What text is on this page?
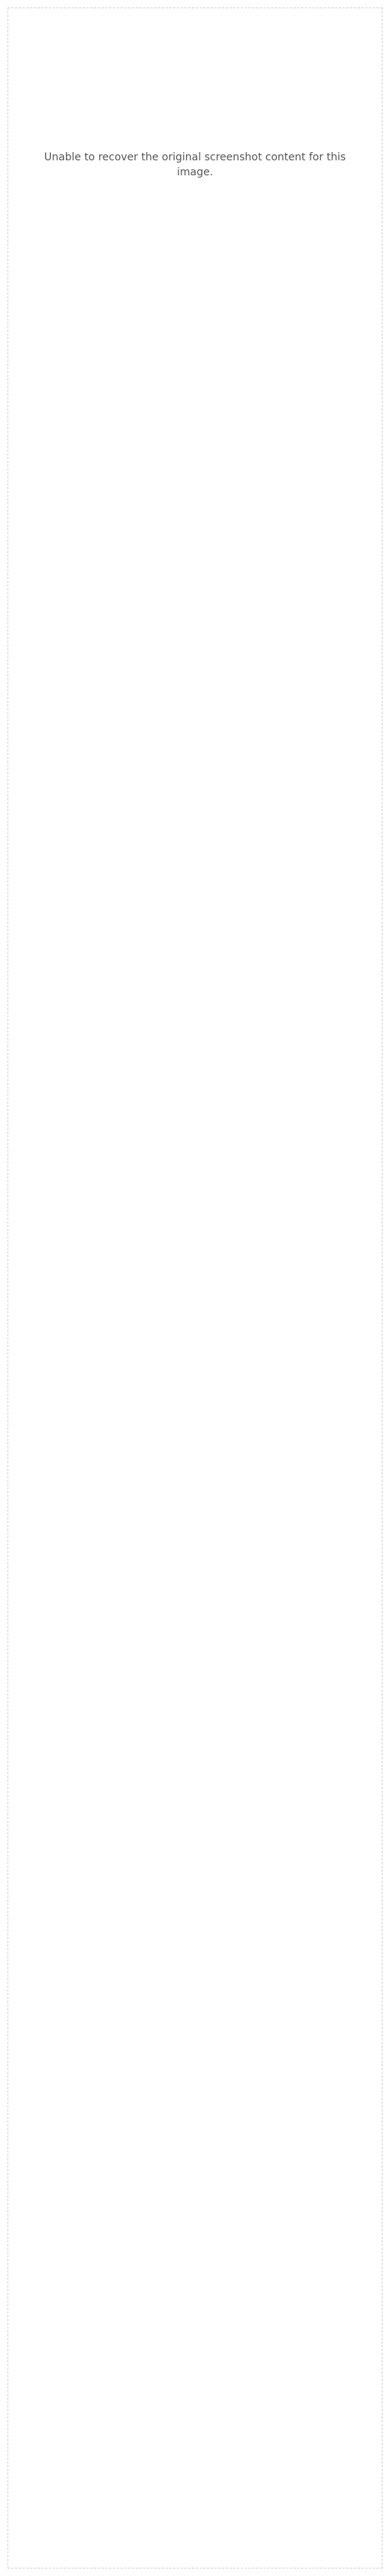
Unable to recover the original screenshot content for this image.
